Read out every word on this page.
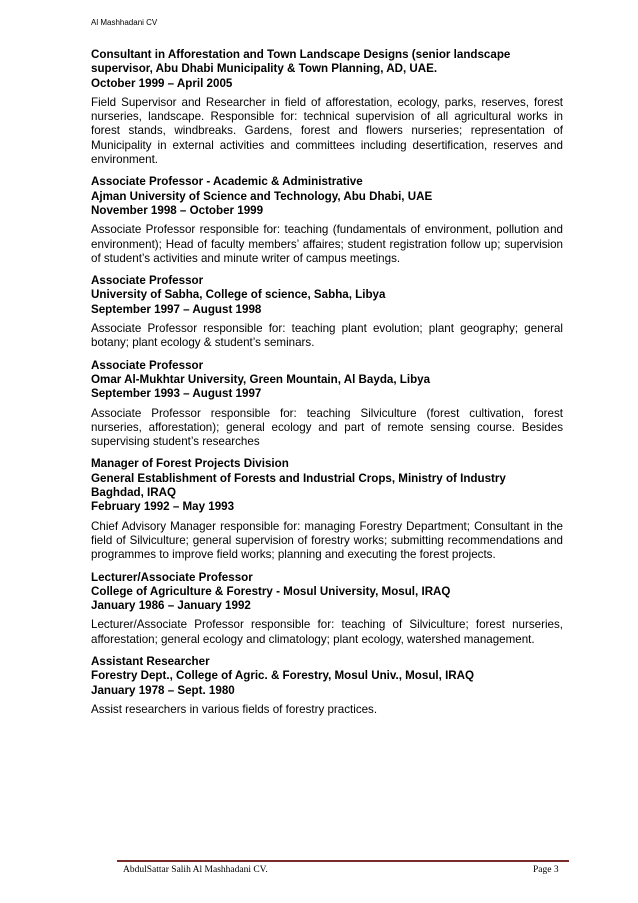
Al Mashhadani CV
Consultant in Afforestation and Town Landscape Designs (senior landscape
supervisor, Abu Dhabi Municipality & Town Planning, AD, UAE.
October 1999 – April 2005
Field Supervisor and Researcher in field of afforestation, ecology, parks, reserves, forest nurseries, landscape. Responsible for: technical supervision of all agricultural works in forest stands, windbreaks. Gardens, forest and flowers nurseries; representation of Municipality in external activities and committees including desertification, reserves and environment.
Associate Professor - Academic & Administrative
Ajman University of Science and Technology, Abu Dhabi, UAE
November 1998 – October 1999
Associate Professor responsible for: teaching (fundamentals of environment, pollution and environment); Head of faculty members’ affaires; student registration follow up; supervision of student’s activities and minute writer of campus meetings.
Associate Professor
University of Sabha, College of science, Sabha, Libya
September 1997 – August 1998
Associate Professor responsible for: teaching plant evolution; plant geography; general botany; plant ecology & student’s seminars.
Associate Professor
Omar Al-Mukhtar University, Green Mountain, Al Bayda, Libya
September 1993 – August 1997
Associate Professor responsible for: teaching Silviculture (forest cultivation, forest nurseries, afforestation); general ecology and part of remote sensing course. Besides supervising student’s researches
Manager of Forest Projects Division
General Establishment of Forests and Industrial Crops, Ministry of Industry
Baghdad, IRAQ
February 1992 – May 1993
Chief Advisory Manager responsible for: managing Forestry Department; Consultant in the field of Silviculture; general supervision of forestry works; submitting recommendations and programmes to improve field works; planning and executing the forest projects.
Lecturer/Associate Professor
College of Agriculture & Forestry - Mosul University, Mosul, IRAQ
January 1986 – January 1992
Lecturer/Associate Professor responsible for: teaching of Silviculture; forest nurseries, afforestation; general ecology and climatology; plant ecology, watershed management.
Assistant Researcher
Forestry Dept., College of Agric. & Forestry, Mosul Univ., Mosul, IRAQ
January 1978 – Sept. 1980
Assist researchers in various fields of forestry practices.
AbdulSattar Salih Al Mashhadani CV.	Page 3
